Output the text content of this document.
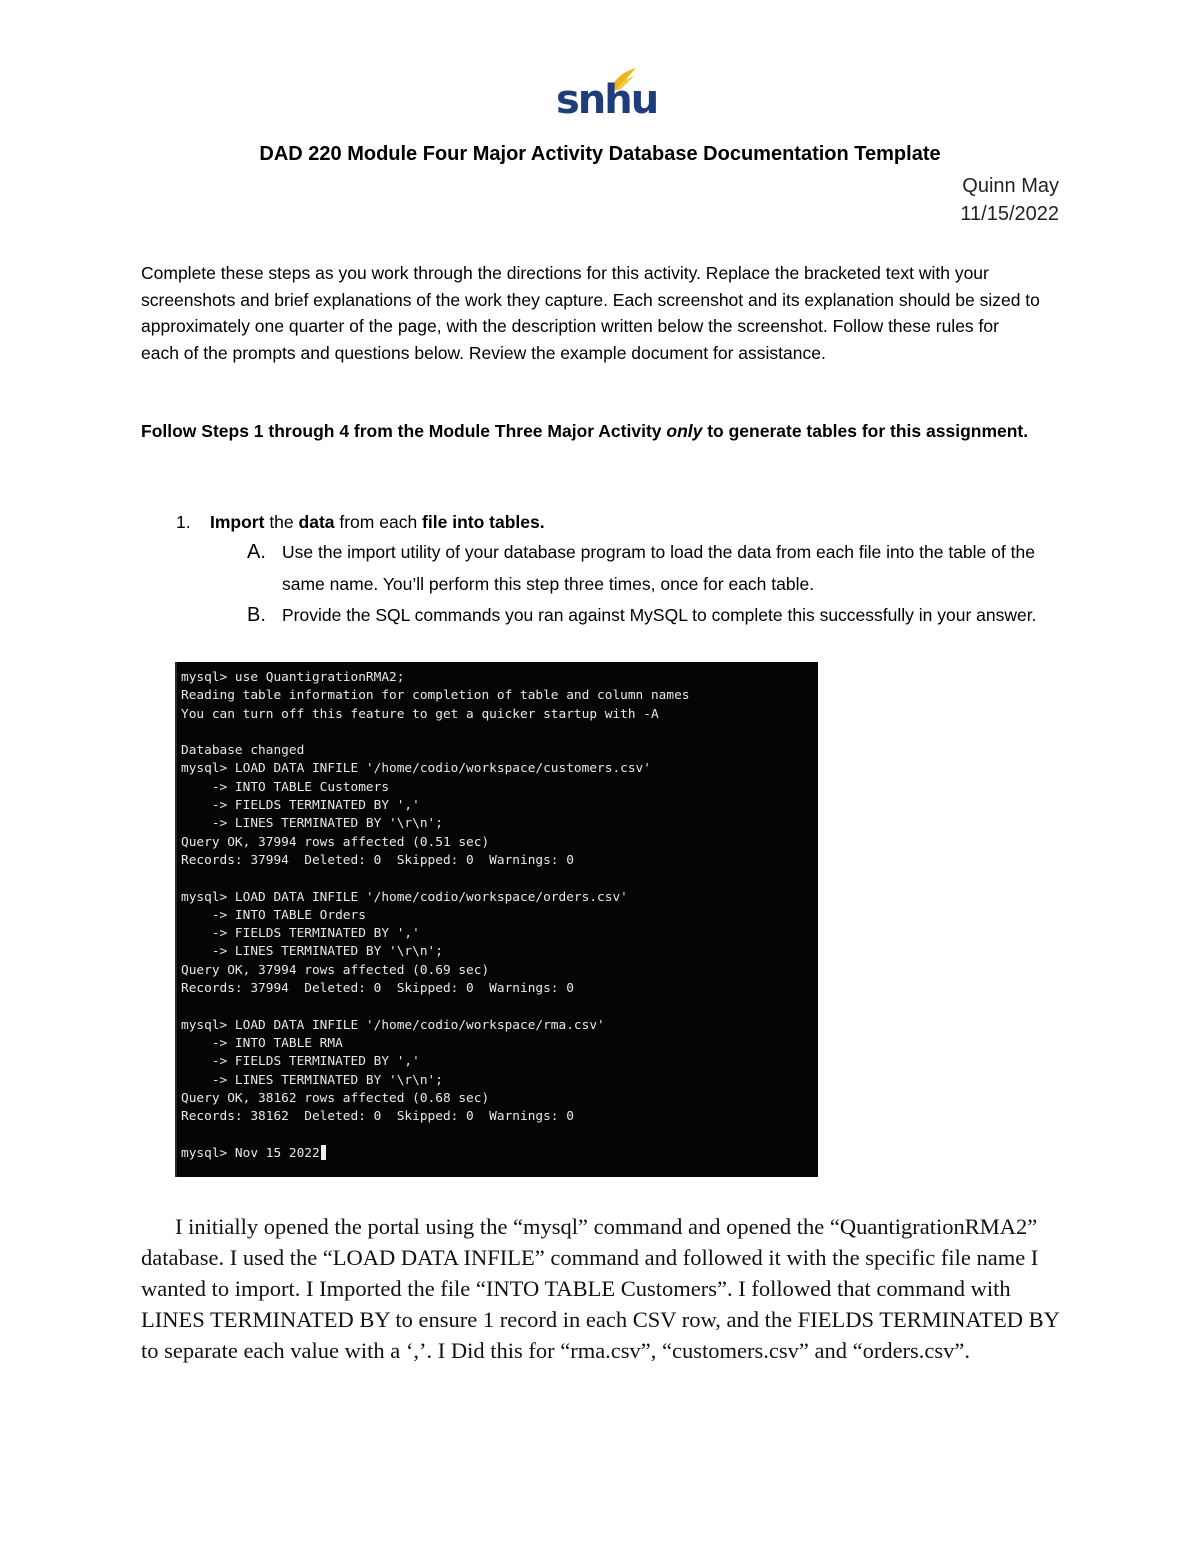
snhu
DAD 220 Module Four Major Activity Database Documentation Template
Quinn May
11/15/2022
Complete these steps as you work through the directions for this activity. Replace the bracketed text with your screenshots and brief explanations of the work they capture. Each screenshot and its explanation should be sized to approximately one quarter of the page, with the description written below the screenshot. Follow these rules for each of the prompts and questions below. Review the example document for assistance.
Follow Steps 1 through 4 from the Module Three Major Activity only to generate tables for this assignment.
1. Import the data from each file into tables.
A. Use the import utility of your database program to load the data from each file into the table of the same name. You’ll perform this step three times, once for each table.
B. Provide the SQL commands you ran against MySQL to complete this successfully in your answer.
mysql> use QuantigrationRMA2;
Reading table information for completion of table and column names
You can turn off this feature to get a quicker startup with -A
Database changed
mysql> LOAD DATA INFILE '/home/codio/workspace/customers.csv'
-> INTO TABLE Customers
-> FIELDS TERMINATED BY ','
-> LINES TERMINATED BY '\r\n';
Query OK, 37994 rows affected (0.51 sec)
Records: 37994  Deleted: 0  Skipped: 0  Warnings: 0
mysql> LOAD DATA INFILE '/home/codio/workspace/orders.csv'
-> INTO TABLE Orders
-> FIELDS TERMINATED BY ','
-> LINES TERMINATED BY '\r\n';
Query OK, 37994 rows affected (0.69 sec)
Records: 37994  Deleted: 0  Skipped: 0  Warnings: 0
mysql> LOAD DATA INFILE '/home/codio/workspace/rma.csv'
-> INTO TABLE RMA
-> FIELDS TERMINATED BY ','
-> LINES TERMINATED BY '\r\n';
Query OK, 38162 rows affected (0.68 sec)
Records: 38162  Deleted: 0  Skipped: 0  Warnings: 0
mysql> Nov 15 2022
I initially opened the portal using the “mysql” command and opened the “QuantigrationRMA2” database. I used the “LOAD DATA INFILE” command and followed it with the specific file name I wanted to import. I Imported the file “INTO TABLE Customers”. I followed that command with LINES TERMINATED BY to ensure 1 record in each CSV row, and the FIELDS TERMINATED BY to separate each value with a ‘,’. I Did this for “rma.csv”, “customers.csv” and “orders.csv”.
